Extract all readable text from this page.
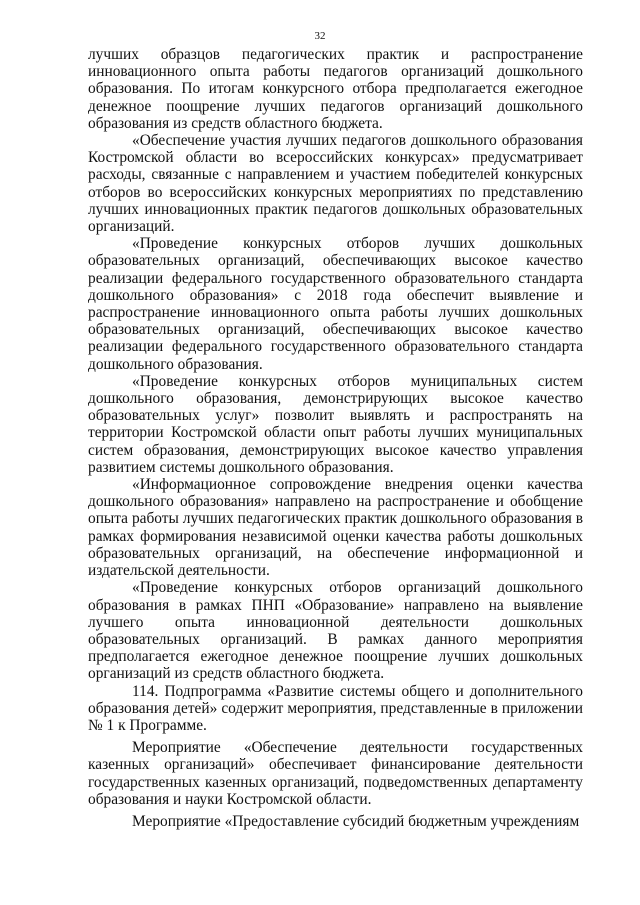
32

лучших образцов педагогических практик и распространение инновационного опыта работы педагогов организаций дошкольного образования. По итогам конкурсного отбора предполагается ежегодное денежное поощрение лучших педагогов организаций дошкольного образования из средств областного бюджета.

«Обеспечение участия лучших педагогов дошкольного образования Костромской области во всероссийских конкурсах» предусматривает расходы, связанные с направлением и участием победителей конкурсных отборов во всероссийских конкурсных мероприятиях по представлению лучших инновационных практик педагогов дошкольных образовательных организаций.

«Проведение конкурсных отборов лучших дошкольных образовательных организаций, обеспечивающих высокое качество реализации федерального государственного образовательного стандарта дошкольного образования» с 2018 года обеспечит выявление и распространение инновационного опыта работы лучших дошкольных образовательных организаций, обеспечивающих высокое качество реализации федерального государственного образовательного стандарта дошкольного образования.

«Проведение конкурсных отборов муниципальных систем дошкольного образования, демонстрирующих высокое качество образовательных услуг» позволит выявлять и распространять на территории Костромской области опыт работы лучших муниципальных систем образования, демонстрирующих высокое качество управления развитием системы дошкольного образования.

«Информационное сопровождение внедрения оценки качества дошкольного образования» направлено на распространение и обобщение опыта работы лучших педагогических практик дошкольного образования в рамках формирования независимой оценки качества работы дошкольных образовательных организаций, на обеспечение информационной и издательской деятельности.

«Проведение конкурсных отборов организаций дошкольного образования в рамках ПНП «Образование» направлено на выявление лучшего опыта инновационной деятельности дошкольных образовательных организаций. В рамках данного мероприятия предполагается ежегодное денежное поощрение лучших дошкольных организаций из средств областного бюджета.

114. Подпрограмма «Развитие системы общего и дополнительного образования детей» содержит мероприятия, представленные в приложении № 1 к Программе.

Мероприятие «Обеспечение деятельности государственных казенных организаций» обеспечивает финансирование деятельности государственных казенных организаций, подведомственных департаменту образования и науки Костромской области.

Мероприятие «Предоставление субсидий бюджетным учреждениям
